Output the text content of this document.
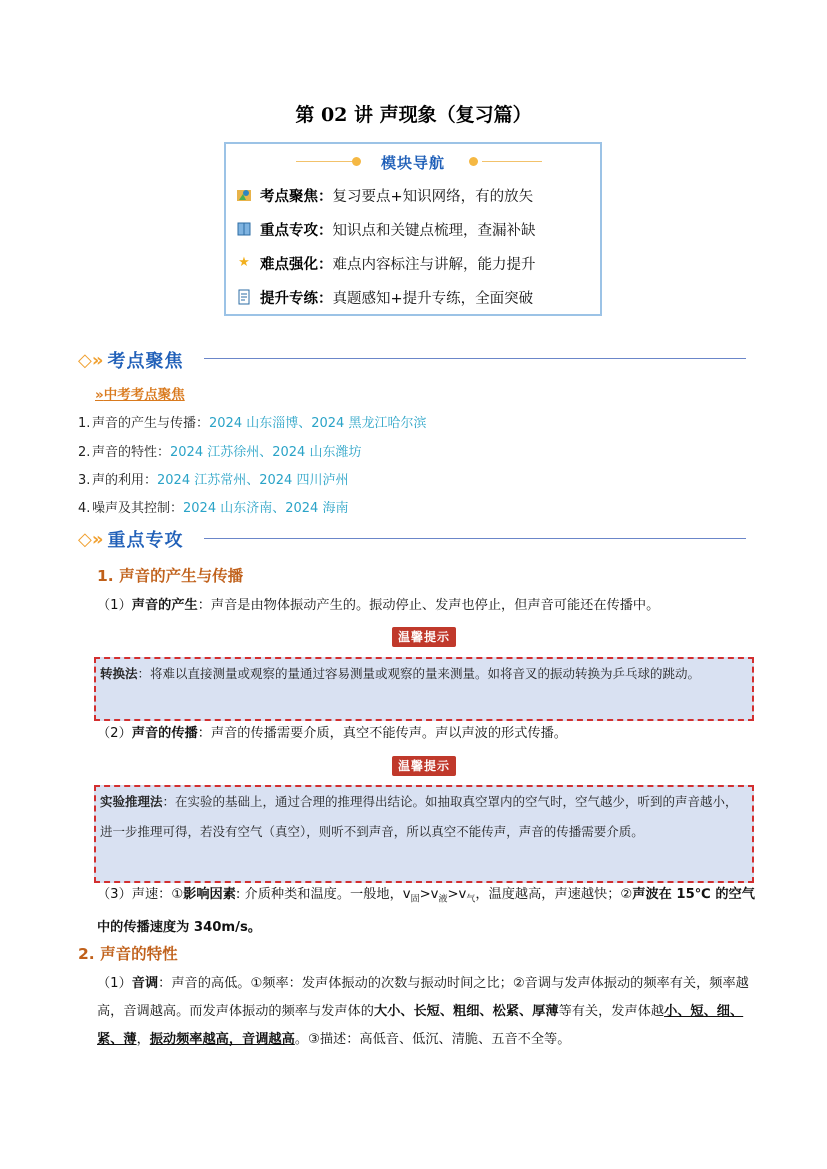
第 02 讲 声现象（复习篇）
模块导航
考点聚焦： 复习要点+知识网络，有的放矢
重点专攻： 知识点和关键点梳理，查漏补缺
★ 难点强化： 难点内容标注与讲解，能力提升
提升专练： 真题感知+提升专练，全面突破
◇» 考点聚焦
»中考考点聚焦
1. 声音的产生与传播：2024 山东淄博、2024 黑龙江哈尔滨
2. 声音的特性：2024 江苏徐州、2024 山东潍坊
3. 声的利用：2024 江苏常州、2024 四川泸州
4. 噪声及其控制：2024 山东济南、2024 海南
◇» 重点专攻
1. 声音的产生与传播
（1）声音的产生：声音是由物体振动产生的。振动停止、发声也停止，但声音可能还在传播中。
温馨提示
转换法：将难以直接测量或观察的量通过容易测量或观察的量来测量。如将音叉的振动转换为乒乓球的跳动。
（2）声音的传播：声音的传播需要介质，真空不能传声。声以声波的形式传播。
温馨提示
实验推理法：在实验的基础上，通过合理的推理得出结论。如抽取真空罩内的空气时，空气越少，听到的声音越小，进一步推理可得，若没有空气（真空），则听不到声音，所以真空不能传声，声音的传播需要介质。
（3）声速：①影响因素: 介质种类和温度。一般地，$v_固>v_液>v_气$，温度越高，声速越快；②声波在 15℃ 的空气中的传播速度为 340m/s。
2. 声音的特性
（1）音调：声音的高低。①频率：发声体振动的次数与振动时间之比；②音调与发声体振动的频率有关，频率越高，音调越高。而发声体振动的频率与发声体的大小、长短、粗细、松紧、厚薄等有关，发声体越小、短、细、紧、薄，振动频率越高，音调越高。③描述：高低音、低沉、清脆、五音不全等。
